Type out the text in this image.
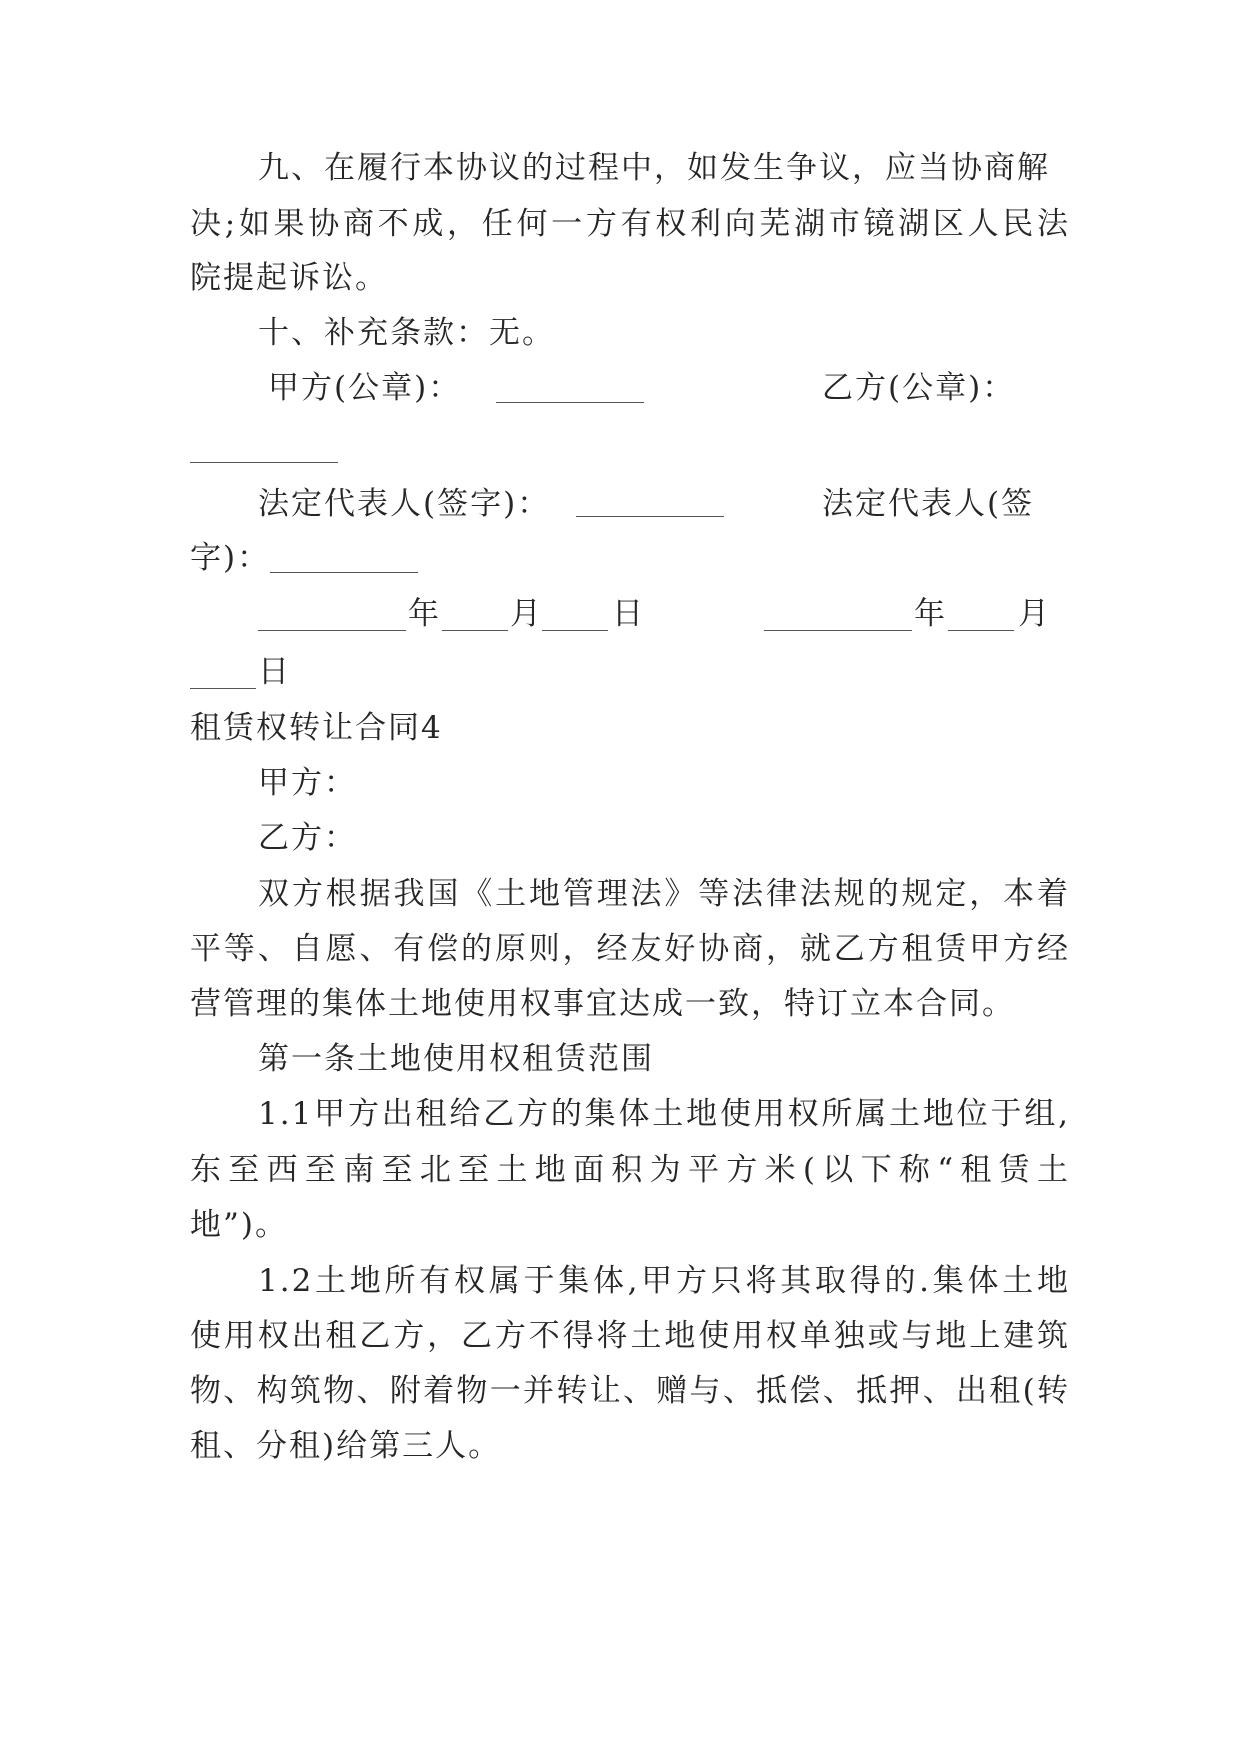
九、在履行本协议的过程中，如发生争议，应当协商解
决;如果协商不成，任何一方有权利向芜湖市镜湖区人民法
院提起诉讼。
十、补充条款：无。
甲方(公章)：	乙方(公章)：
法定代表人(签字)：	法定代表人(签
字)：
年 月 日	年 月
日
租赁权转让合同4
甲方：
乙方：
双方根据我国《土地管理法》等法律法规的规定，本着
平等、自愿、有偿的原则，经友好协商，就乙方租赁甲方经
营管理的集体土地使用权事宜达成一致，特订立本合同。
第一条土地使用权租赁范围
1.1甲方出租给乙方的集体土地使用权所属土地位于组,
东至西至南至北至土地面积为平方米(以下称“租赁土
地”)。
1.2土地所有权属于集体,甲方只将其取得的.集体土地
使用权出租乙方，乙方不得将土地使用权单独或与地上建筑
物、构筑物、附着物一并转让、赠与、抵偿、抵押、出租(转
租、分租)给第三人。
